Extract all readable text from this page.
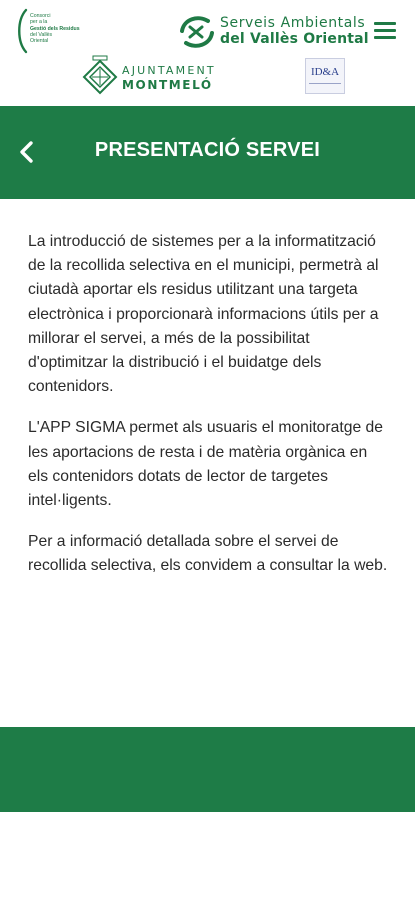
Consorci
per a la
Gestió dels Residus
del Vallès
Oriental
Serveis Ambientals
del Vallès Oriental
AJUNTAMENT
MONTMELÓ
ID&A
PRESENTACIÓ SERVEI

La introducció de sistemes per a la informatització de la recollida selectiva en el municipi, permetrà al ciutadà aportar els residus utilitzant una targeta electrònica i proporcionarà informacions útils per a millorar el servei, a més de la possibilitat d'optimitzar la distribució i el buidatge dels contenidors.

L'APP SIGMA permet als usuaris el monitoratge de les aportacions de resta i de matèria orgànica en els contenidors dotats de lector de targetes intel·ligents.

Per a informació detallada sobre el servei de recollida selectiva, els convidem a consultar la web.
